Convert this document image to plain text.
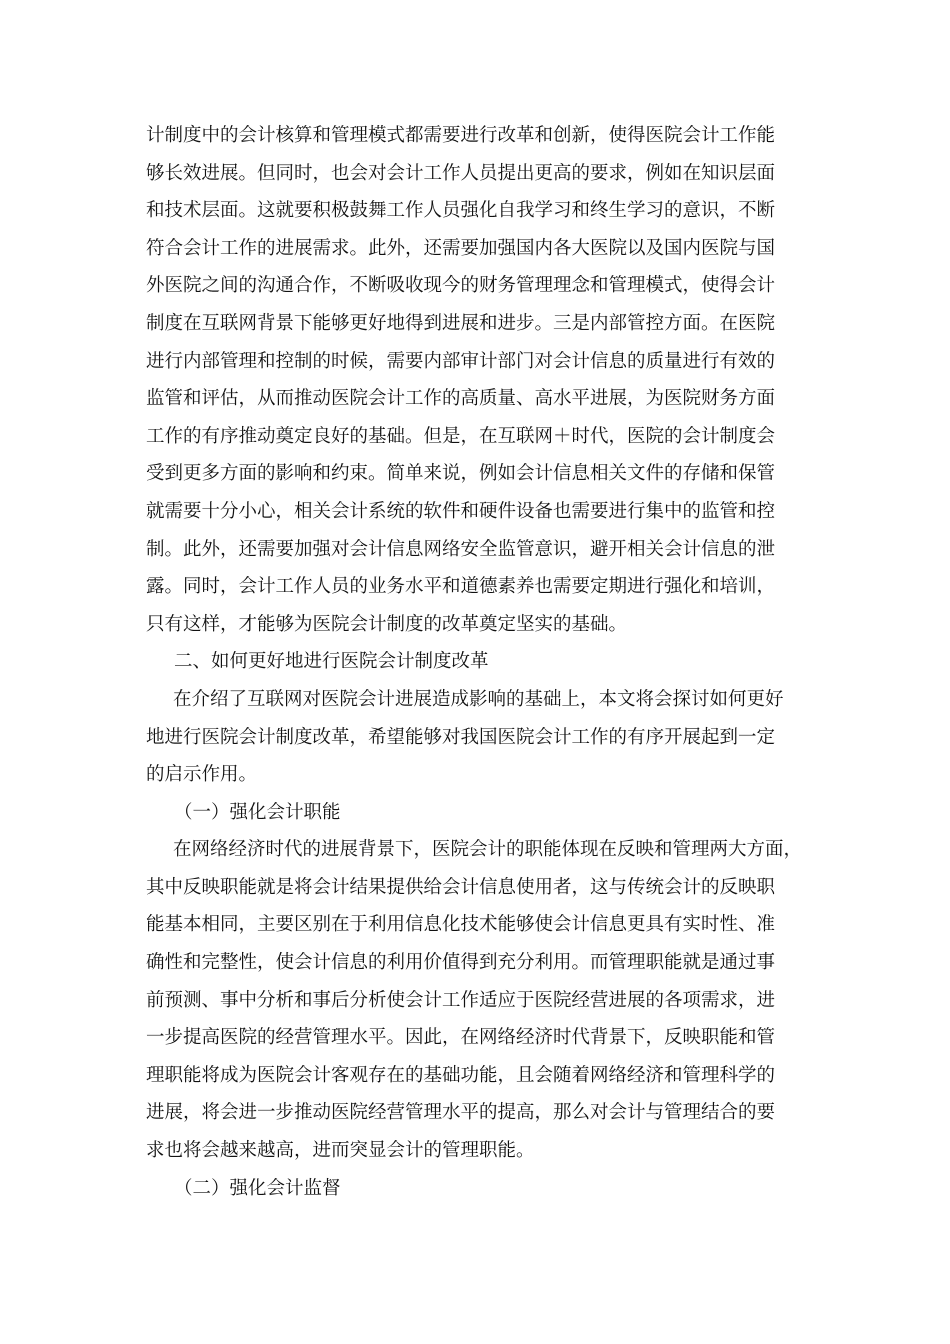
计制度中的会计核算和管理模式都需要进行改革和创新，使得医院会计工作能

够长效进展。但同时，也会对会计工作人员提出更高的要求，例如在知识层面

和技术层面。这就要积极鼓舞工作人员强化自我学习和终生学习的意识，不断

符合会计工作的进展需求。此外，还需要加强国内各大医院以及国内医院与国

外医院之间的沟通合作，不断吸收现今的财务管理理念和管理模式，使得会计

制度在互联网背景下能够更好地得到进展和进步。三是内部管控方面。在医院

进行内部管理和控制的时候，需要内部审计部门对会计信息的质量进行有效的

监管和评估，从而推动医院会计工作的高质量、高水平进展，为医院财务方面

工作的有序推动奠定良好的基础。但是，在互联网＋时代，医院的会计制度会

受到更多方面的影响和约束。简单来说，例如会计信息相关文件的存储和保管

就需要十分小心，相关会计系统的软件和硬件设备也需要进行集中的监管和控

制。此外，还需要加强对会计信息网络安全监管意识，避开相关会计信息的泄

露。同时，会计工作人员的业务水平和道德素养也需要定期进行强化和培训，

只有这样，才能够为医院会计制度的改革奠定坚实的基础。

二、如何更好地进行医院会计制度改革

在介绍了互联网对医院会计进展造成影响的基础上，本文将会探讨如何更好

地进行医院会计制度改革，希望能够对我国医院会计工作的有序开展起到一定

的启示作用。

（一）强化会计职能

在网络经济时代的进展背景下，医院会计的职能体现在反映和管理两大方面，

其中反映职能就是将会计结果提供给会计信息使用者，这与传统会计的反映职

能基本相同，主要区别在于利用信息化技术能够使会计信息更具有实时性、准

确性和完整性，使会计信息的利用价值得到充分利用。而管理职能就是通过事

前预测、事中分析和事后分析使会计工作适应于医院经营进展的各项需求，进

一步提高医院的经营管理水平。因此，在网络经济时代背景下，反映职能和管

理职能将成为医院会计客观存在的基础功能，且会随着网络经济和管理科学的

进展，将会进一步推动医院经营管理水平的提高，那么对会计与管理结合的要

求也将会越来越高，进而突显会计的管理职能。

（二）强化会计监督
